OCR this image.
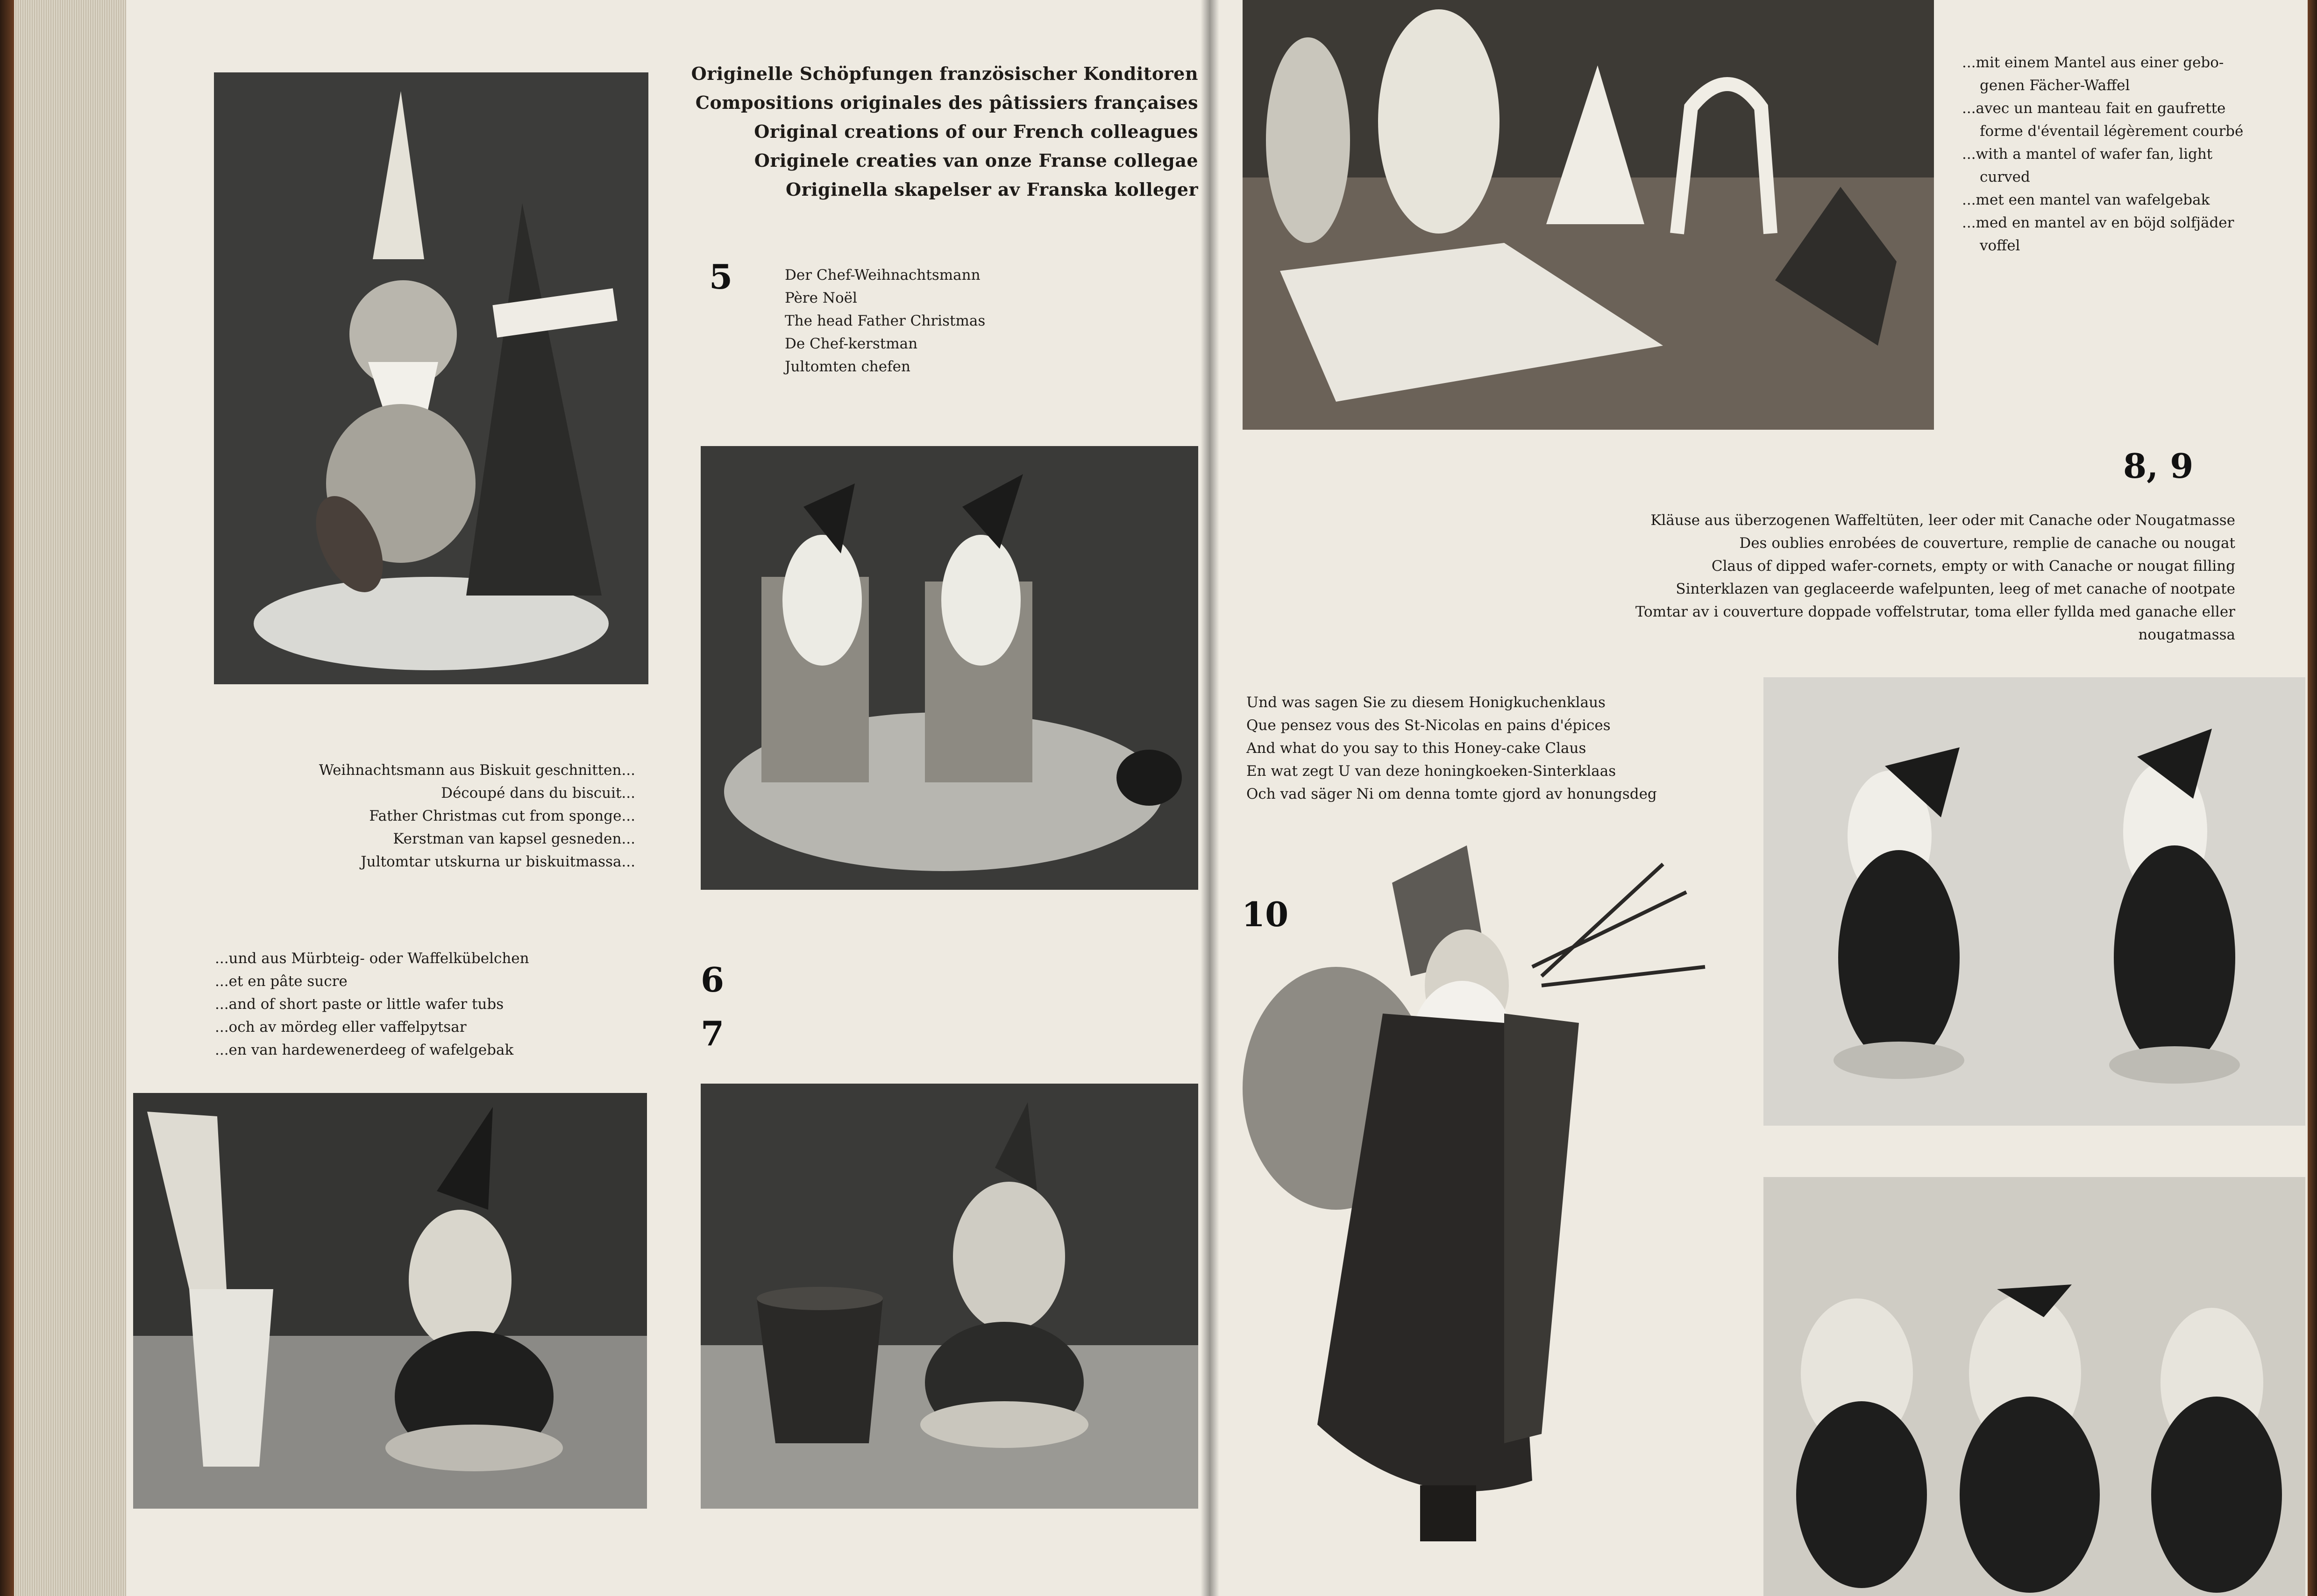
Originelle Schöpfungen französischer Konditoren
Compositions originales des pâtissiers françaises
Original creations of our French colleagues
Originele creaties van onze Franse collegae
Originella skapelser av Franska kolleger
5	Der Chef-Weihnachtsmann
Père Noël
The head Father Christmas
De Chef-kerstman
Jultomten chefen
Weihnachtsmann aus Biskuit geschnitten...
Découpé dans du biscuit...
Father Christmas cut from sponge...
Kerstman van kapsel gesneden...
Jultomtar utskurna ur biskuitmassa...
...und aus Mürbteig- oder Waffelkübelchen
...et en pâte sucre
...and of short paste or little wafer tubs
...och av mördeg eller vaffelpytsar
...en van hardewenerdeeg of wafelgebak
6
7
...mit einem Mantel aus einer gebo-
genen Fächer-Waffel
...avec un manteau fait en gaufrette
forme d'éventail légèrement courbé
...with a mantel of wafer fan, light
curved
...met een mantel van wafelgebak
...med en mantel av en böjd solfjäder
voffel
8, 9
Kläuse aus überzogenen Waffeltüten, leer oder mit Canache oder Nougatmasse
Des oublies enrobées de couverture, remplie de canache ou nougat
Claus of dipped wafer-cornets, empty or with Canache or nougat filling
Sinterklazen van geglaceerde wafelpunten, leeg of met canache of nootpate
Tomtar av i couverture doppade voffelstrutar, toma eller fyllda med ganache eller
nougatmassa
Und was sagen Sie zu diesem Honigkuchenklaus
Que pensez vous des St-Nicolas en pains d'épices
And what do you say to this Honey-cake Claus
En wat zegt U van deze honingkoeken-Sinterklaas
Och vad säger Ni om denna tomte gjord av honungsdeg
10
